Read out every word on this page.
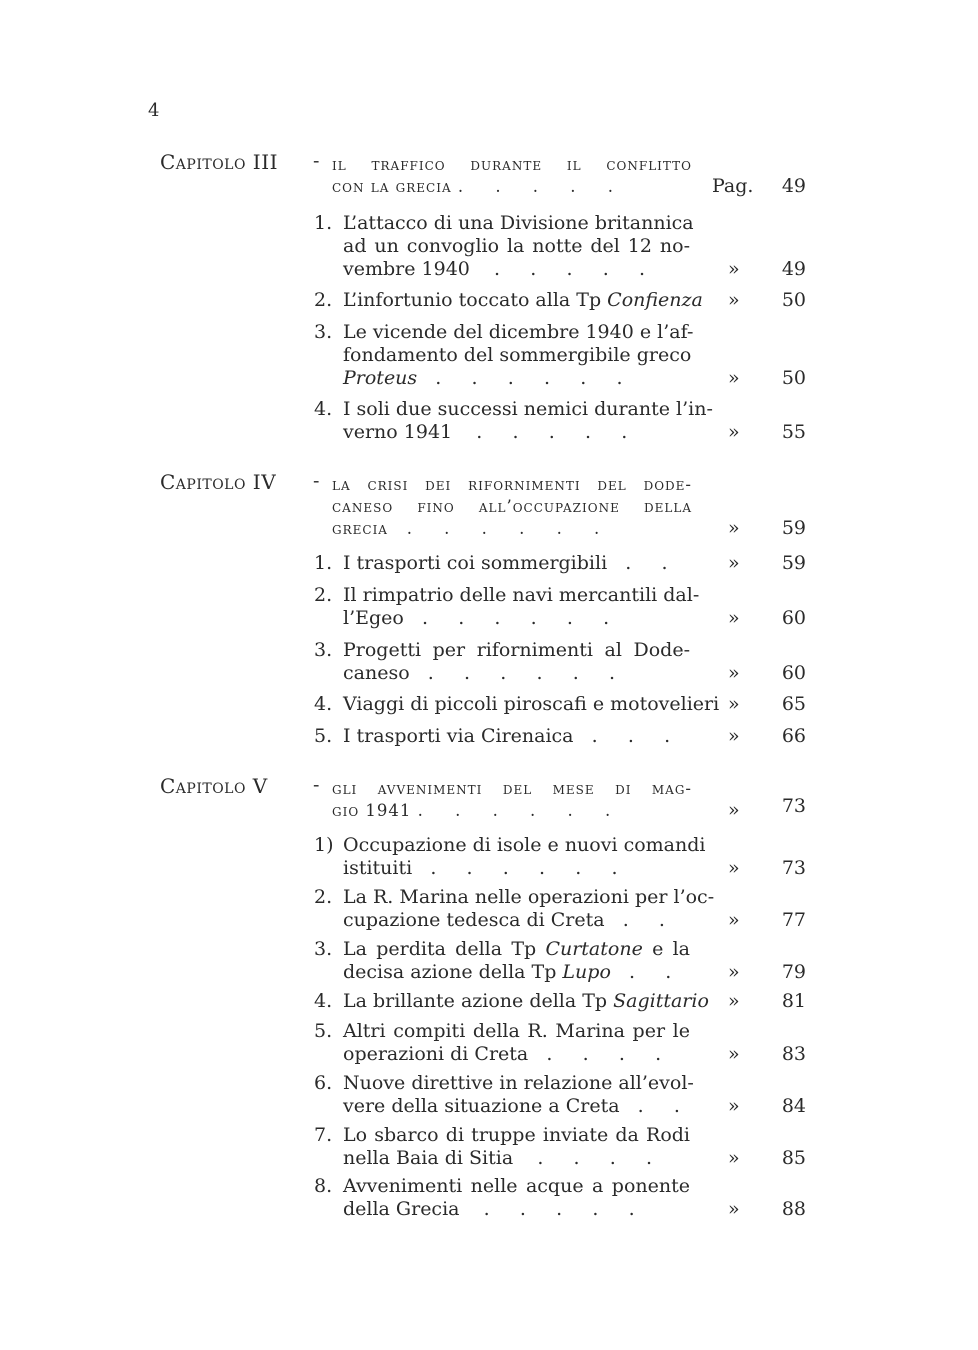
4
Capitolo III - il traffico durante il conflitto
con la grecia .     .     .     .     .	Pag.	49
1. L’attacco di una Divisione britannica
ad un convoglio la notte del 12 no-
vembre 1940    .     .     .     .     .	»	49
2. L’infortunio toccato alla Tp Confienza »	50
3. Le vicende del dicembre 1940 e l’af-
fondamento del sommergibile greco
Proteus   .     .     .     .     .     .	»	50
4. I soli due successi nemici durante l’in-
verno 1941    .     .     .     .     .	»	55
Capitolo IV - la crisi dei rifornimenti del dode-
caneso fino all’occupazione della
grecia   .     .     .     .     .     .	»	59
1. I trasporti coi sommergibili   .     .	»	59
2. Il rimpatrio delle navi mercantili dal-
l’Egeo   .     .     .     .     .     .	»	60
3. Progetti per rifornimenti al Dode-
caneso   .     .     .     .     .     .	»	60
4. Viaggi di piccoli piroscafi e motovelieri »	65
5. I trasporti via Cirenaica   .     .     .	»	66
Capitolo V - gli avvenimenti del mese di mag-
gio 1941 .     .     .     .     .     .	»	73
1) Occupazione di isole e nuovi comandi
istituiti   .     .     .     .     .     .	»	73
2. La R. Marina nelle operazioni per l’oc-
cupazione tedesca di Creta   .     .	»	77
3. La perdita della Tp Curtatone e la
decisa azione della Tp Lupo   .     .	»	79
4. La brillante azione della Tp Sagittario »	81
5. Altri compiti della R. Marina per le
operazioni di Creta   .     .     .     .	»	83
6. Nuove direttive in relazione all’evol-
vere della situazione a Creta   .     .	»	84
7. Lo sbarco di truppe inviate da Rodi
nella Baia di Sitia    .     .     .     .	»	85
8. Avvenimenti nelle acque a ponente
della Grecia    .     .     .     .     .	»	88
